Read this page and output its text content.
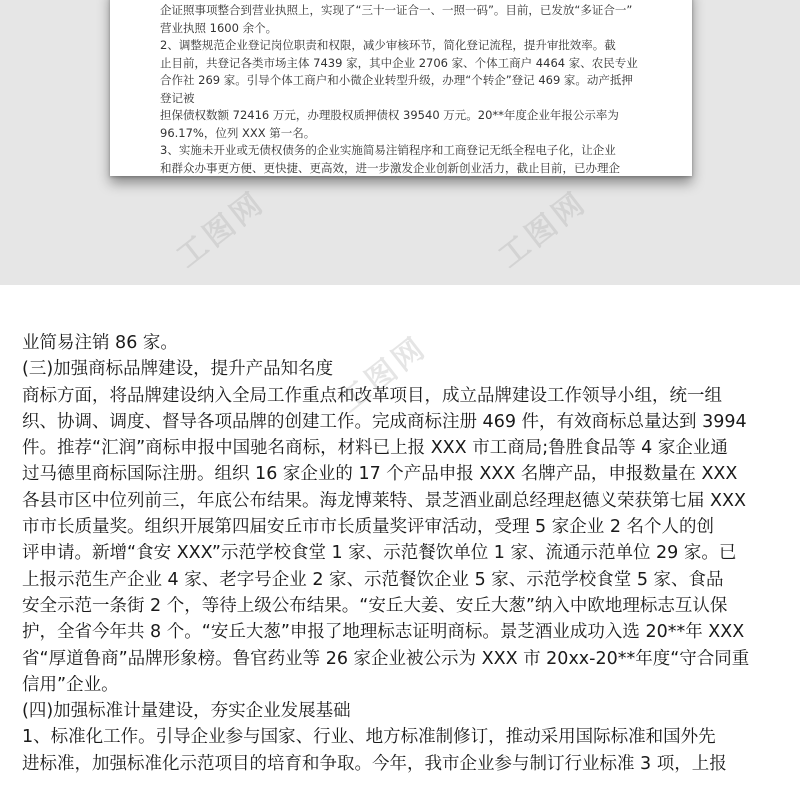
企证照事项整合到营业执照上，实现了“三十一证合一、一照一码”。目前，已发放“多证合一”

营业执照 1600 余个。

2、调整规范企业登记岗位职责和权限，减少审核环节，简化登记流程，提升审批效率。截

止目前，共登记各类市场主体 7439 家，其中企业 2706 家、个体工商户 4464 家、农民专业

合作社 269 家。引导个体工商户和小微企业转型升级，办理“个转企”登记 469 家。动产抵押

登记被

担保债权数额 72416 万元，办理股权质押债权 39540 万元。20**年度企业年报公示率为

96.17%，位列 XXX 第一名。

3、实施未开业或无债权债务的企业实施简易注销程序和工商登记无纸全程电子化，让企业

和群众办事更方便、更快捷、更高效，进一步激发企业创新创业活力，截止目前，已办理企

工图网	工图网
工图网

业简易注销 86 家。

(三)加强商标品牌建设，提升产品知名度

商标方面，将品牌建设纳入全局工作重点和改革项目，成立品牌建设工作领导小组，统一组

织、协调、调度、督导各项品牌的创建工作。完成商标注册 469 件，有效商标总量达到 3994

件。推荐“汇润”商标申报中国驰名商标，材料已上报 XXX 市工商局;鲁胜食品等 4 家企业通

过马德里商标国际注册。组织 16 家企业的 17 个产品申报 XXX 名牌产品，申报数量在 XXX

各县市区中位列前三，年底公布结果。海龙博莱特、景芝酒业副总经理赵德义荣获第七届 XXX

市市长质量奖。组织开展第四届安丘市市长质量奖评审活动，受理 5 家企业 2 名个人的创

评申请。新增“食安 XXX”示范学校食堂 1 家、示范餐饮单位 1 家、流通示范单位 29 家。已

上报示范生产企业 4 家、老字号企业 2 家、示范餐饮企业 5 家、示范学校食堂 5 家、食品

安全示范一条街 2 个，等待上级公布结果。“安丘大姜、安丘大葱”纳入中欧地理标志互认保

护，全省今年共 8 个。“安丘大葱”申报了地理标志证明商标。景芝酒业成功入选 20**年 XXX

省“厚道鲁商”品牌形象榜。鲁官药业等 26 家企业被公示为 XXX 市 20xx-20**年度“守合同重

信用”企业。

(四)加强标准计量建设，夯实企业发展基础

1、标准化工作。引导企业参与国家、行业、地方标准制修订，推动采用国际标准和国外先

进标准，加强标准化示范项目的培育和争取。今年，我市企业参与制订行业标准 3 项，上报
